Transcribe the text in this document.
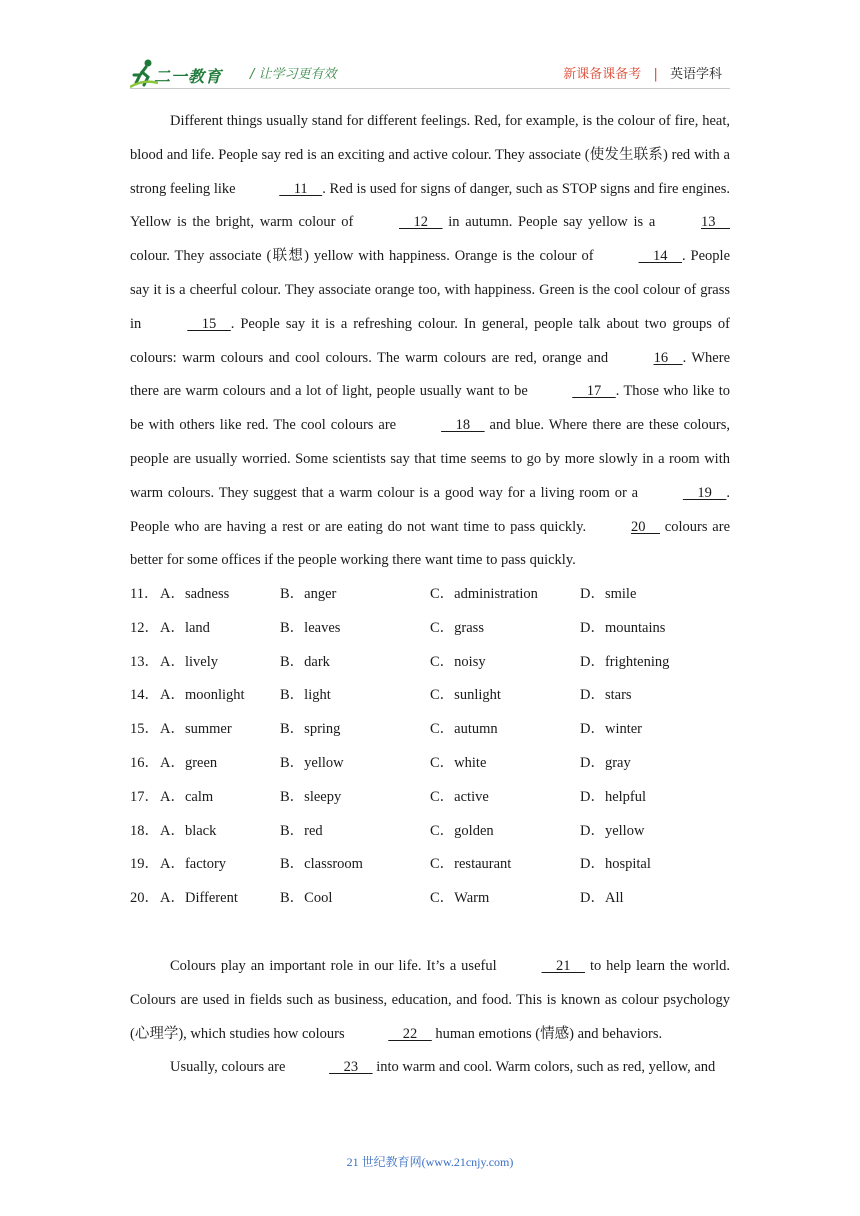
二一教育 / 让学习更有效	新课备课备考 | 英语学科

Different things usually stand for different feelings. Red, for example, is the colour of fire, heat, blood and life. People say red is an exciting and active colour. They associate (使发生联系) red with a strong feeling like	11    . Red is used for signs of danger, such as STOP signs and fire engines. Yellow is the bright, warm colour of	12     in autumn. People say yellow is a	13     colour. They associate (联想) yellow with happiness. Orange is the colour of	14    . People say it is a cheerful colour. They associate orange too, with happiness. Green is the cool colour of grass in	15    . People say it is a refreshing colour. In general, people talk about two groups of colours: warm colours and cool colours. The warm colours are red, orange and	16    . Where there are warm colours and a lot of light, people usually want to be	17    . Those who like to be with others like red. The cool colours are	18     and blue. Where there are these colours, people are usually worried. Some scientists say that time seems to go by more slowly in a room with warm colours. They suggest that a warm colour is a good way for a living room or a	19    . People who are having a rest or are eating do not want time to pass quickly.	20     colours are better for some offices if the people working there want time to pass quickly.

11． A．sadness	B．anger	C．administration	D．smile
12． A．land	B．leaves	C．grass	D．mountains
13． A．lively	B．dark	C．noisy	D．frightening
14． A．moonlight B．light	C．sunlight	D．stars
15． A．summer	B．spring	C．autumn	D．winter
16． A．green	B．yellow	C．white	D．gray
17． A．calm	B．sleepy	C．active	D．helpful
18． A．black	B．red	C．golden	D．yellow
19． A．factory	B．classroom	C．restaurant	D．hospital
20． A．Different	B．Cool	C．Warm	D．All

Colours play an important role in our life. It’s a useful	21     to help learn the world. Colours are used in fields such as business, education, and food. This is known as colour psychology (心理学), which studies how colours	22     human emotions (情感) and behaviors.

Usually, colours are	23     into warm and cool. Warm colors, such as red, yellow, and

21 世纪教育网(www.21cnjy.com)
